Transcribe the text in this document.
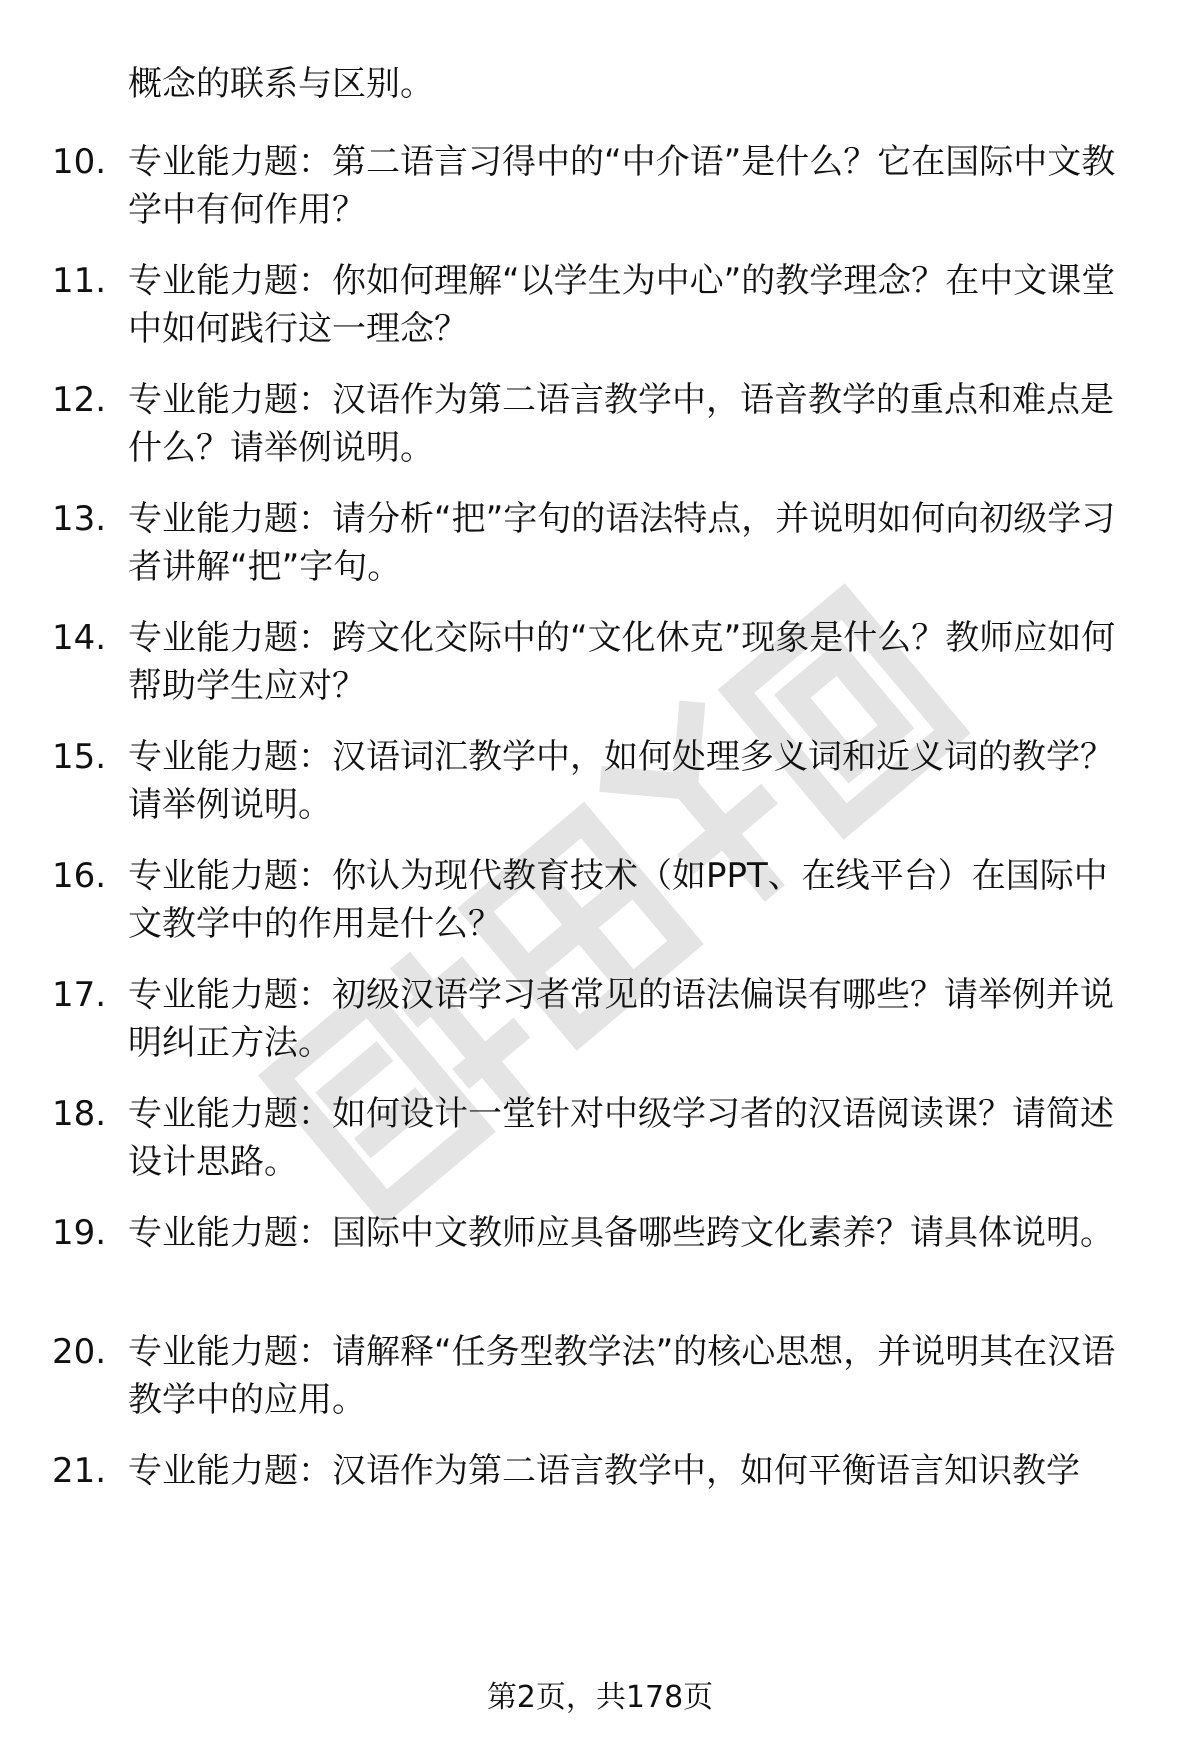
概念的联系与区别。

10. 专业能力题：第二语言习得中的“中介语”是什么？它在国际中文教学中有何作用？
11. 专业能力题：你如何理解“以学生为中心”的教学理念？在中文课堂中如何践行这一理念？
12. 专业能力题：汉语作为第二语言教学中，语音教学的重点和难点是什么？请举例说明。
13. 专业能力题：请分析“把”字句的语法特点，并说明如何向初级学习者讲解“把”字句。
14. 专业能力题：跨文化交际中的“文化休克”现象是什么？教师应如何帮助学生应对？
15. 专业能力题：汉语词汇教学中，如何处理多义词和近义词的教学？请举例说明。
16. 专业能力题：你认为现代教育技术（如PPT、在线平台）在国际中文教学中的作用是什么？
17. 专业能力题：初级汉语学习者常见的语法偏误有哪些？请举例并说明纠正方法。
18. 专业能力题：如何设计一堂针对中级学习者的汉语阅读课？请简述设计思路。
19. 专业能力题：国际中文教师应具备哪些跨文化素养？请具体说明。
20. 专业能力题：请解释“任务型教学法”的核心思想，并说明其在汉语教学中的应用。
21. 专业能力题：汉语作为第二语言教学中，如何平衡语言知识教学
第2页，共178页
